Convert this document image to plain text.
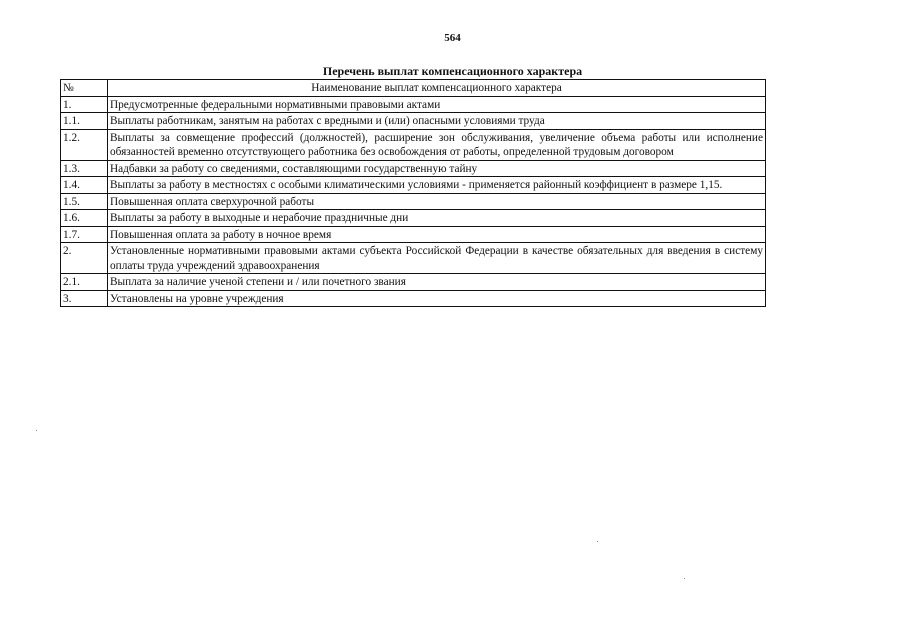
564
Перечень выплат компенсационного характера
№	Наименование выплат компенсационного характера
1.	Предусмотренные федеральными нормативными правовыми актами
1.1.	Выплаты работникам, занятым на работах с вредными и (или) опасными условиями труда
1.2.	Выплаты за совмещение профессий (должностей), расширение зон обслуживания, увеличение объема работы или исполнение обязанностей временно отсутствующего работника без освобождения от работы, определенной трудовым договором
1.3.	Надбавки за работу со сведениями, составляющими государственную тайну
1.4.	Выплаты за работу в местностях с особыми климатическими условиями - применяется районный коэффициент в размере 1,15.
1.5.	Повышенная оплата сверхурочной работы
1.6.	Выплаты за работу в выходные и нерабочие праздничные дни
1.7.	Повышенная оплата за работу в ночное время
2.	Установленные нормативными правовыми актами субъекта Российской Федерации в качестве обязательных для введения в систему оплаты труда учреждений здравоохранения
2.1.	Выплата за наличие ученой степени и / или почетного звания
3.	Установлены на уровне учреждения
